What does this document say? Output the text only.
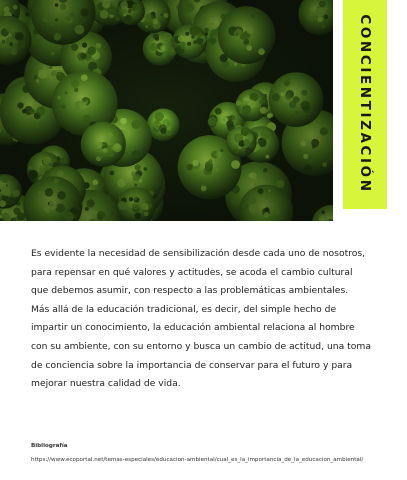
CONCIENTIZACIÓN

Es evidente la necesidad de sensibilización desde cada uno de nosotros, para repensar en qué valores y actitudes, se acoda el cambio cultural que debemos asumir, con respecto a las problemáticas ambientales.

Más allá de la educación tradicional, es decir, del simple hecho de impartir un conocimiento, la educación ambiental relaciona al hombre con su ambiente, con su entorno y busca un cambio de actitud, una toma de conciencia sobre la importancia de conservar para el futuro y para mejorar nuestra calidad de vida.

Bibliografía
https://www.ecoportal.net/temas-especiales/educacion-ambiental/cual_es_la_importancia_de_la_educacion_ambiental/
